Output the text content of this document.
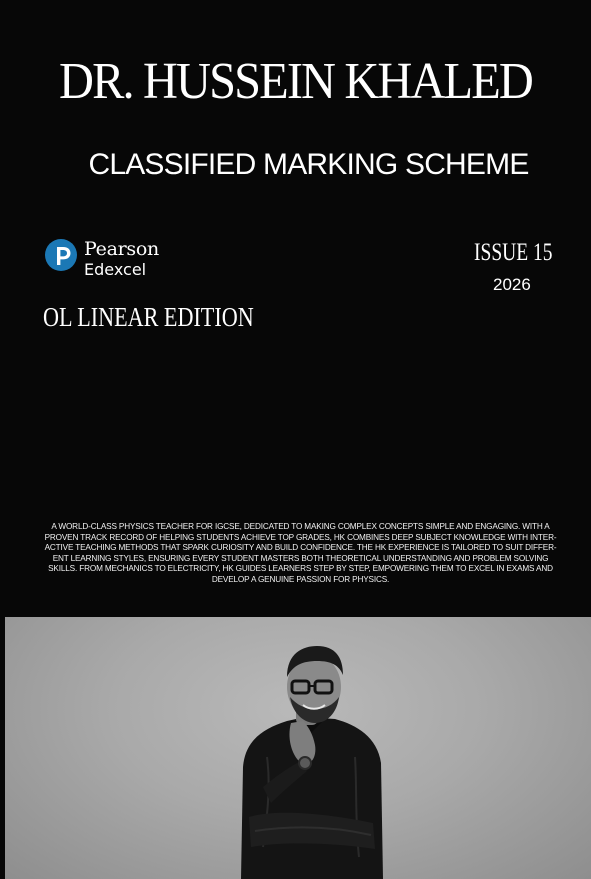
DR. HUSSEIN KHALED
CLASSIFIED MARKING SCHEME
Pearson
Edexcel
OL LINEAR EDITION
ISSUE 15
2026
A WORLD-CLASS PHYSICS TEACHER FOR IGCSE, DEDICATED TO MAKING COMPLEX CONCEPTS SIMPLE AND ENGAGING. WITH A PROVEN TRACK RECORD OF HELPING STUDENTS ACHIEVE TOP GRADES, HK COMBINES DEEP SUBJECT KNOWLEDGE WITH INTER-ACTIVE TEACHING METHODS THAT SPARK CURIOSITY AND BUILD CONFIDENCE. THE HK EXPERIENCE IS TAILORED TO SUIT DIFFER-ENT LEARNING STYLES, ENSURING EVERY STUDENT MASTERS BOTH THEORETICAL UNDERSTANDING AND PROBLEM SOLVING SKILLS. FROM MECHANICS TO ELECTRICITY, HK GUIDES LEARNERS STEP BY STEP, EMPOWERING THEM TO EXCEL IN EXAMS AND DEVELOP A GENUINE PASSION FOR PHYSICS.
